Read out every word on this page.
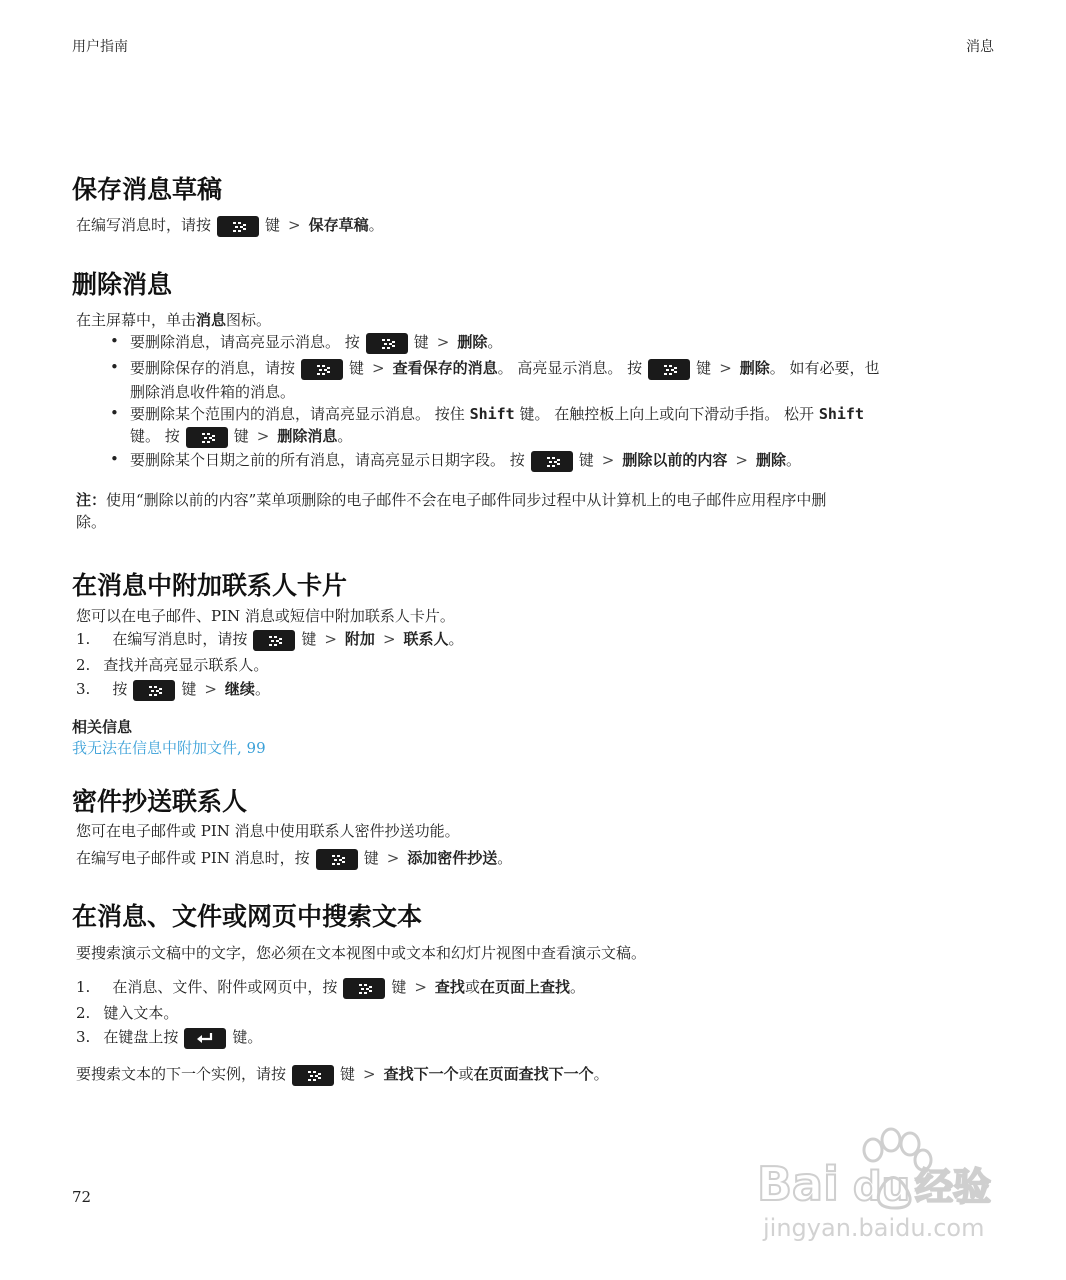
用户指南	消息
保存消息草稿
在编写消息时，请按	键 > 保存草稿。
删除消息
在主屏幕中，单击消息图标。
• 要删除消息，请高亮显示消息。 按	键 > 删除。
• 要删除保存的消息，请按	键 > 查看保存的消息。 高亮显示消息。 按	键 > 删除。 如有必要，也
删除消息收件箱的消息。
• 要删除某个范围内的消息，请高亮显示消息。 按住 Shift 键。 在触控板上向上或向下滑动手指。 松开 Shift
键。 按	键 > 删除消息。
• 要删除某个日期之前的所有消息，请高亮显示日期字段。 按	键 > 删除以前的内容 > 删除。
注：使用“删除以前的内容”菜单项删除的电子邮件不会在电子邮件同步过程中从计算机上的电子邮件应用程序中删
除。
在消息中附加联系人卡片
您可以在电子邮件、PIN 消息或短信中附加联系人卡片。
1. 在编写消息时，请按	键 > 附加 > 联系人。
2. 查找并高亮显示联系人。
3. 按	键 > 继续。
相关信息
我无法在信息中附加文件, 99
密件抄送联系人
您可在电子邮件或 PIN 消息中使用联系人密件抄送功能。
在编写电子邮件或 PIN 消息时，按	键 > 添加密件抄送。
在消息、文件或网页中搜索文本
要搜索演示文稿中的文字，您必须在文本视图中或文本和幻灯片视图中查看演示文稿。
1. 在消息、文件、附件或网页中，按	键 > 查找或在页面上查找。
2. 键入文本。
3. 在键盘上按	键。
要搜索文本的下一个实例，请按	键 > 查找下一个或在页面查找下一个。
72	Bai du 经验
jingyan.baidu.com
